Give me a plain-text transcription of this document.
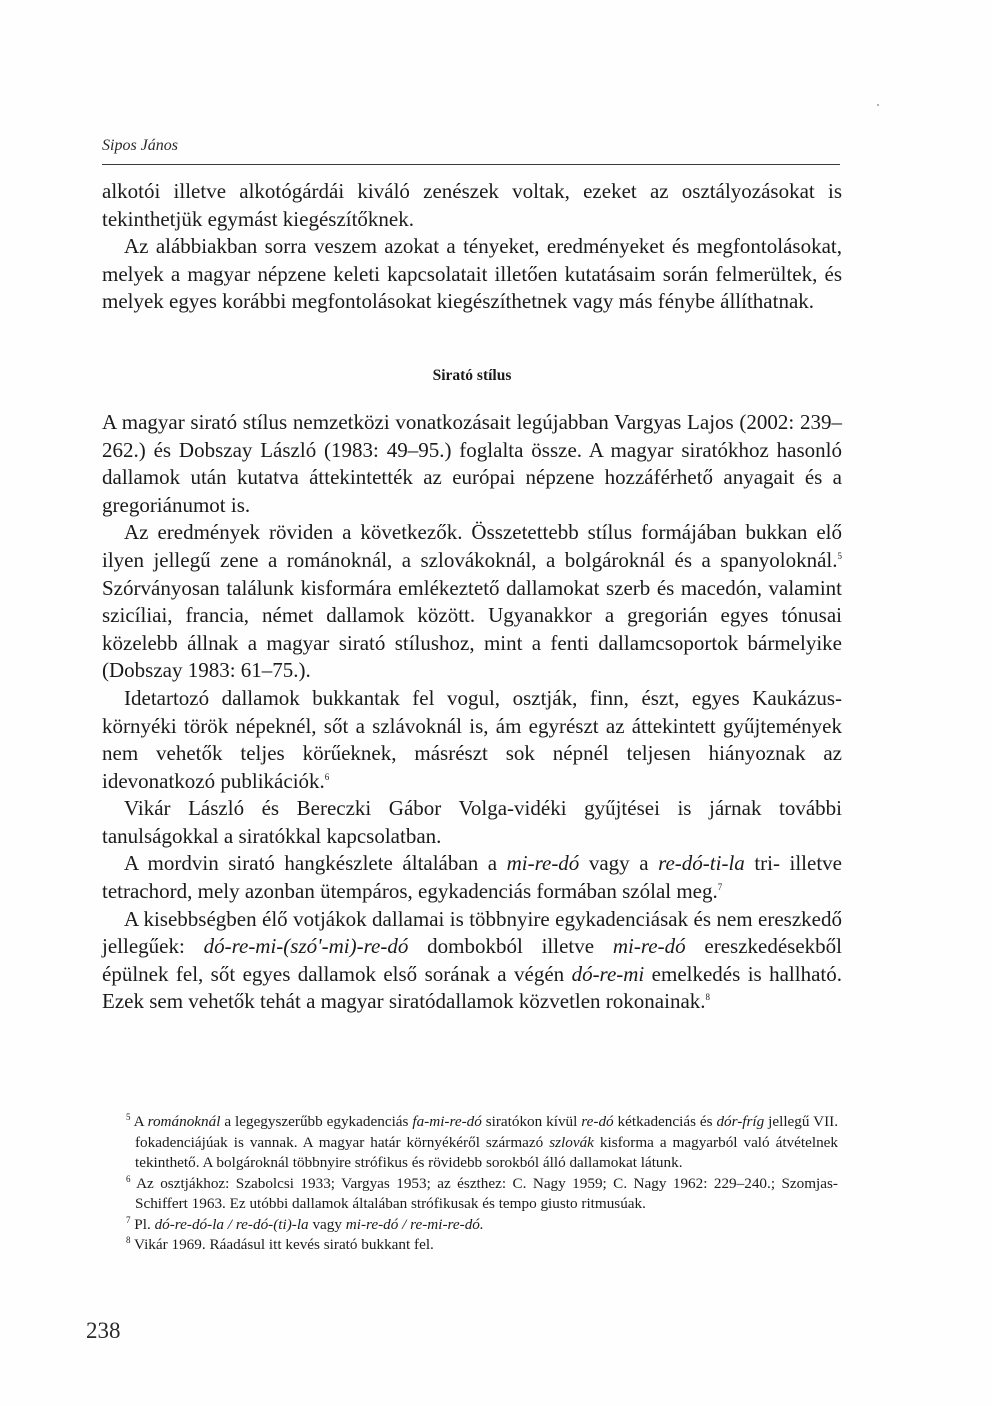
Sipos János

alkotói illetve alkotógárdái kiváló zenészek voltak, ezeket az osztályozásokat is tekinthetjük egymást kiegészítőknek.

Az alábbiakban sorra veszem azokat a tényeket, eredményeket és megfontolásokat, melyek a magyar népzene keleti kapcsolatait illetően kutatásaim során felmerültek, és melyek egyes korábbi megfontolásokat kiegészíthetnek vagy más fénybe állíthatnak.

Sirató stílus

A magyar sirató stílus nemzetközi vonatkozásait legújabban Vargyas Lajos (2002: 239–262.) és Dobszay László (1983: 49–95.) foglalta össze. A magyar siratókhoz hasonló dallamok után kutatva áttekintették az európai népzene hozzáférhető anyagait és a gregoriánumot is.

Az eredmények röviden a következők. Összetettebb stílus formájában bukkan elő ilyen jellegű zene a románoknál, a szlovákoknál, a bolgároknál és a spanyoloknál.$^5$ Szórványosan találunk kisformára emlékeztető dallamokat szerb és macedón, valamint szicíliai, francia, német dallamok között. Ugyanakkor a gregorián egyes tónusai közelebb állnak a magyar sirató stílushoz, mint a fenti dallamcsoportok bármelyike (Dobszay 1983: 61–75.).

Idetartozó dallamok bukkantak fel vogul, osztják, finn, észt, egyes Kaukázus-környéki török népeknél, sőt a szlávoknál is, ám egyrészt az áttekintett gyűjtemények nem vehetők teljes körűeknek, másrészt sok népnél teljesen hiányoznak az idevonatkozó publikációk.$^6$

Vikár László és Bereczki Gábor Volga-vidéki gyűjtései is járnak további tanulságokkal a siratókkal kapcsolatban.

A mordvin sirató hangkészlete általában a mi-re-dó vagy a re-dó-ti-la tri- illetve tetrachord, mely azonban ütempáros, egykadenciás formában szólal meg.$^7$

A kisebbségben élő votjákok dallamai is többnyire egykadenciásak és nem ereszkedő jellegűek: dó-re-mi-(szó'-mi)-re-dó dombokból illetve mi-re-dó ereszkedésekből épülnek fel, sőt egyes dallamok első sorának a végén dó-re-mi emelkedés is hallható. Ezek sem vehetők tehát a magyar siratódallamok közvetlen rokonainak.$^8$

$^5$ A románoknál a legegyszerűbb egykadenciás fa-mi-re-dó siratókon kívül re-dó kétkadenciás és dór-fríg jellegű VII. fokadenciájúak is vannak. A magyar határ környékéről származó szlovák kisforma a magyarból való átvételnek tekinthető. A bolgároknál többnyire strófikus és rövidebb sorokból álló dallamokat látunk.

$^6$ Az osztjákhoz: Szabolcsi 1933; Vargyas 1953; az észthez: C. Nagy 1959; C. Nagy 1962: 229–240.; Szomjas-Schiffert 1963. Ez utóbbi dallamok általában strófikusak és tempo giusto ritmusúak.

$^7$ Pl. dó-re-dó-la / re-dó-(ti)-la vagy mi-re-dó / re-mi-re-dó.

$^8$ Vikár 1969. Ráadásul itt kevés sirató bukkant fel.

238
